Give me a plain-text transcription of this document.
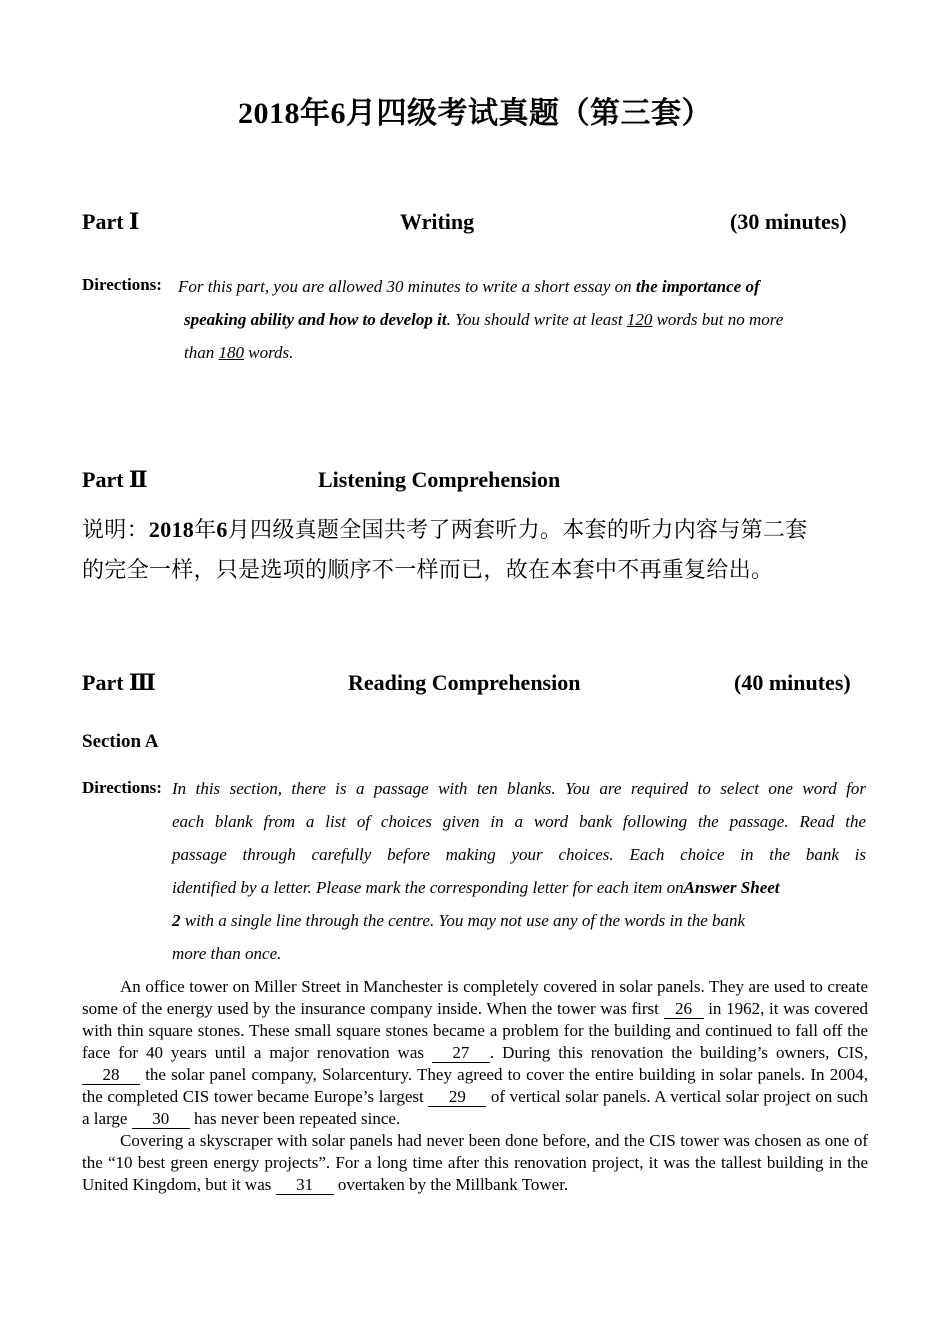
2018年6月四级考试真题（第三套）
Part Ⅰ	Writing	(30 minutes)
Directions: For this part, you are allowed 30 minutes to write a short essay on the importance of
speaking ability and how to develop it. You should write at least 120 words but no more
than 180 words.
Part Ⅱ	Listening Comprehension
说明：2018年6月四级真题全国共考了两套听力。本套的听力内容与第二套
的完全一样，只是选项的顺序不一样而已，故在本套中不再重复给出。
Part Ⅲ	Reading Comprehension	(40 minutes)
Section A
Directions: In this section, there is a passage with ten blanks. You are required to select one word for
each blank from a list of choices given in a word bank following the passage. Read the
passage through carefully before making your choices. Each choice in the bank is
identified by a letter. Please mark the corresponding letter for each item onAnswer Sheet
2 with a single line through the centre. You may not use any of the words in the bank
more than once.

An office tower on Miller Street in Manchester is completely covered in solar panels. They are used to create some of the energy used by the insurance company inside. When the tower was first 26 in 1962, it was covered with thin square stones. These small square stones became a problem for the building and continued to fall off the face for 40 years until a major renovation was 27 . During this renovation the building’s owners, CIS, 28 the solar panel company, Solarcentury. They agreed to cover the entire building in solar panels. In 2004, the completed CIS tower became Europe’s largest 29 of vertical solar panels. A vertical solar project on such a large 30 has never been repeated since.

Covering a skyscraper with solar panels had never been done before, and the CIS tower was chosen as one of the “10 best green energy projects”. For a long time after this renovation project, it was the tallest building in the United Kingdom, but it was 31 overtaken by the Millbank Tower.
